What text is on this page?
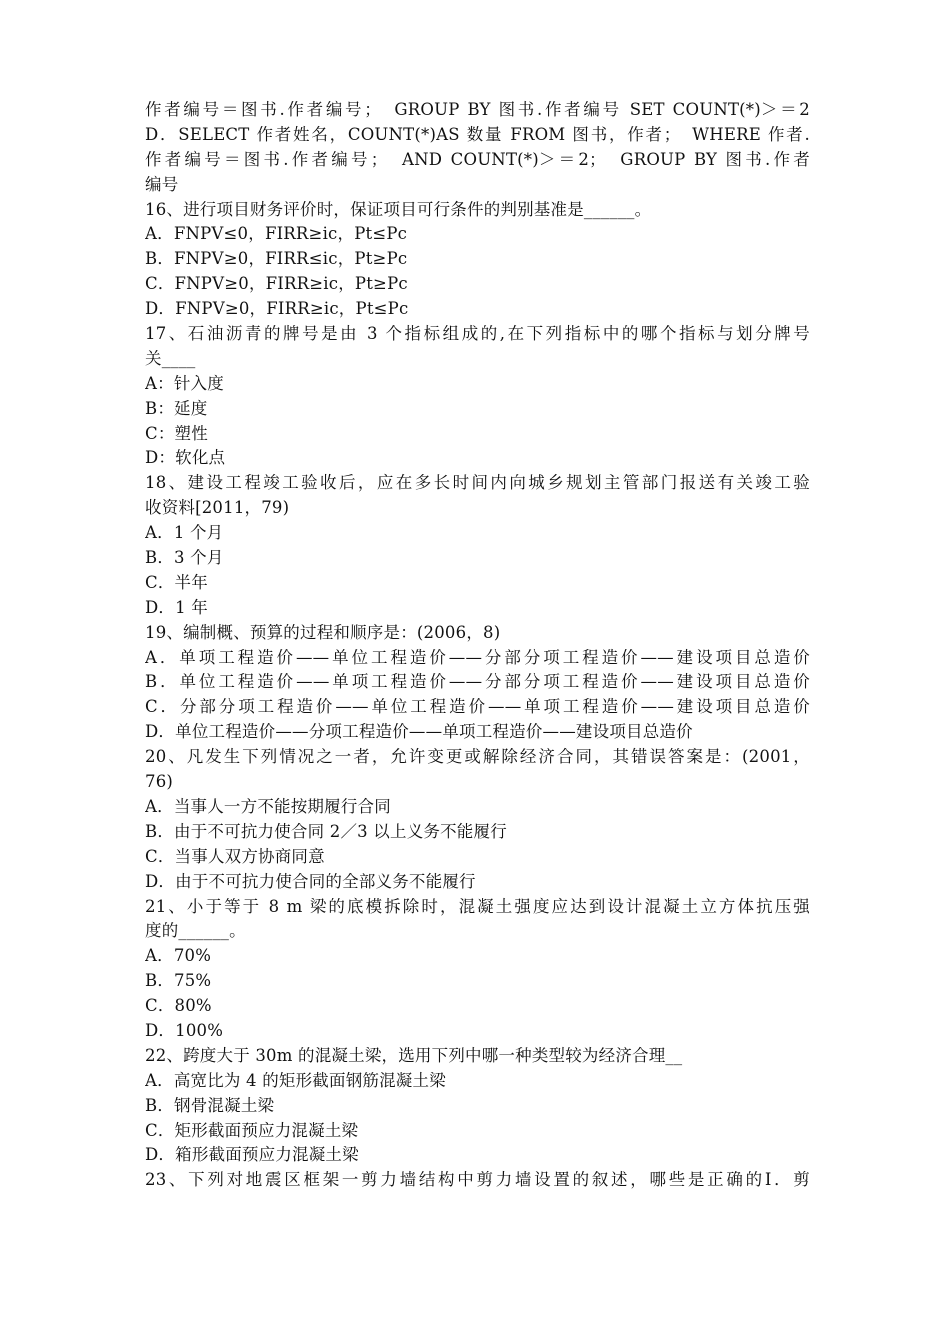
作者编号＝图书.作者编号；　GROUP BY 图书.作者编号 SET COUNT(*)＞＝2
D．SELECT 作者姓名，COUNT(*)AS 数量 FROM 图书，作者；　WHERE 作者.
作者编号＝图书.作者编号；　AND COUNT(*)＞＝2；　GROUP BY 图书.作者
编号
16、进行项目财务评价时，保证项目可行条件的判别基准是______。
A．FNPV≤0，FIRR≥ic，Pt≤Pc
B．FNPV≥0，FIRR≤ic，Pt≥Pc
C．FNPV≥0，FIRR≥ic，Pt≥Pc
D．FNPV≥0，FIRR≥ic，Pt≤Pc
17、石油沥青的牌号是由 3 个指标组成的,在下列指标中的哪个指标与划分牌号
关____
A：针入度
B：延度
C：塑性
D：软化点
18、建设工程竣工验收后，应在多长时间内向城乡规划主管部门报送有关竣工验
收资料[2011，79)
A．1 个月
B．3 个月
C．半年
D．1 年
19、编制概、预算的过程和顺序是：(2006，8)
A．单项工程造价——单位工程造价——分部分项工程造价——建设项目总造价
B．单位工程造价——单项工程造价——分部分项工程造价——建设项目总造价
C．分部分项工程造价——单位工程造价——单项工程造价——建设项目总造价
D．单位工程造价——分项工程造价——单项工程造价——建设项目总造价
20、凡发生下列情况之一者，允许变更或解除经济合同，其错误答案是：(2001，
76)
A．当事人一方不能按期履行合同
B．由于不可抗力使合同 2／3 以上义务不能履行
C．当事人双方协商同意
D．由于不可抗力使合同的全部义务不能履行
21、小于等于 8 m 梁的底模拆除时，混凝土强度应达到设计混凝土立方体抗压强
度的______。
A．70%
B．75%
C．80%
D．100%
22、跨度大于 30m 的混凝土梁，选用下列中哪一种类型较为经济合理__
A．高宽比为 4 的矩形截面钢筋混凝土梁
B．钢骨混凝土梁
C．矩形截面预应力混凝土梁
D．箱形截面预应力混凝土梁
23、下列对地震区框架一剪力墙结构中剪力墙设置的叙述，哪些是正确的Ⅰ．剪
